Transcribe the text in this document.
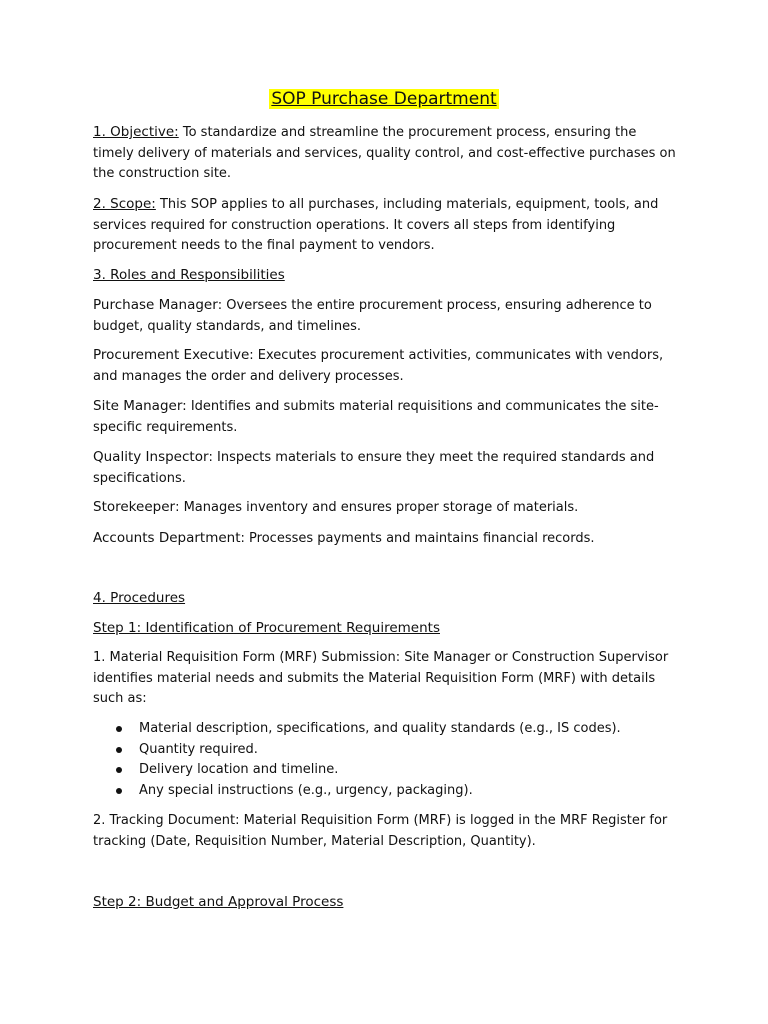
SOP Purchase Department
1. Objective: To standardize and streamline the procurement process, ensuring the timely delivery of materials and services, quality control, and cost-effective purchases on the construction site.
2. Scope: This SOP applies to all purchases, including materials, equipment, tools, and services required for construction operations. It covers all steps from identifying procurement needs to the final payment to vendors.
3. Roles and Responsibilities
Purchase Manager: Oversees the entire procurement process, ensuring adherence to budget, quality standards, and timelines.
Procurement Executive: Executes procurement activities, communicates with vendors, and manages the order and delivery processes.
Site Manager: Identifies and submits material requisitions and communicates the site-specific requirements.
Quality Inspector: Inspects materials to ensure they meet the required standards and specifications.
Storekeeper: Manages inventory and ensures proper storage of materials.
Accounts Department: Processes payments and maintains financial records.
4. Procedures
Step 1: Identification of Procurement Requirements
1. Material Requisition Form (MRF) Submission: Site Manager or Construction Supervisor identifies material needs and submits the Material Requisition Form (MRF) with details such as:
Material description, specifications, and quality standards (e.g., IS codes).
Quantity required.
Delivery location and timeline.
Any special instructions (e.g., urgency, packaging).
2. Tracking Document: Material Requisition Form (MRF) is logged in the MRF Register for tracking (Date, Requisition Number, Material Description, Quantity).
Step 2: Budget and Approval Process
